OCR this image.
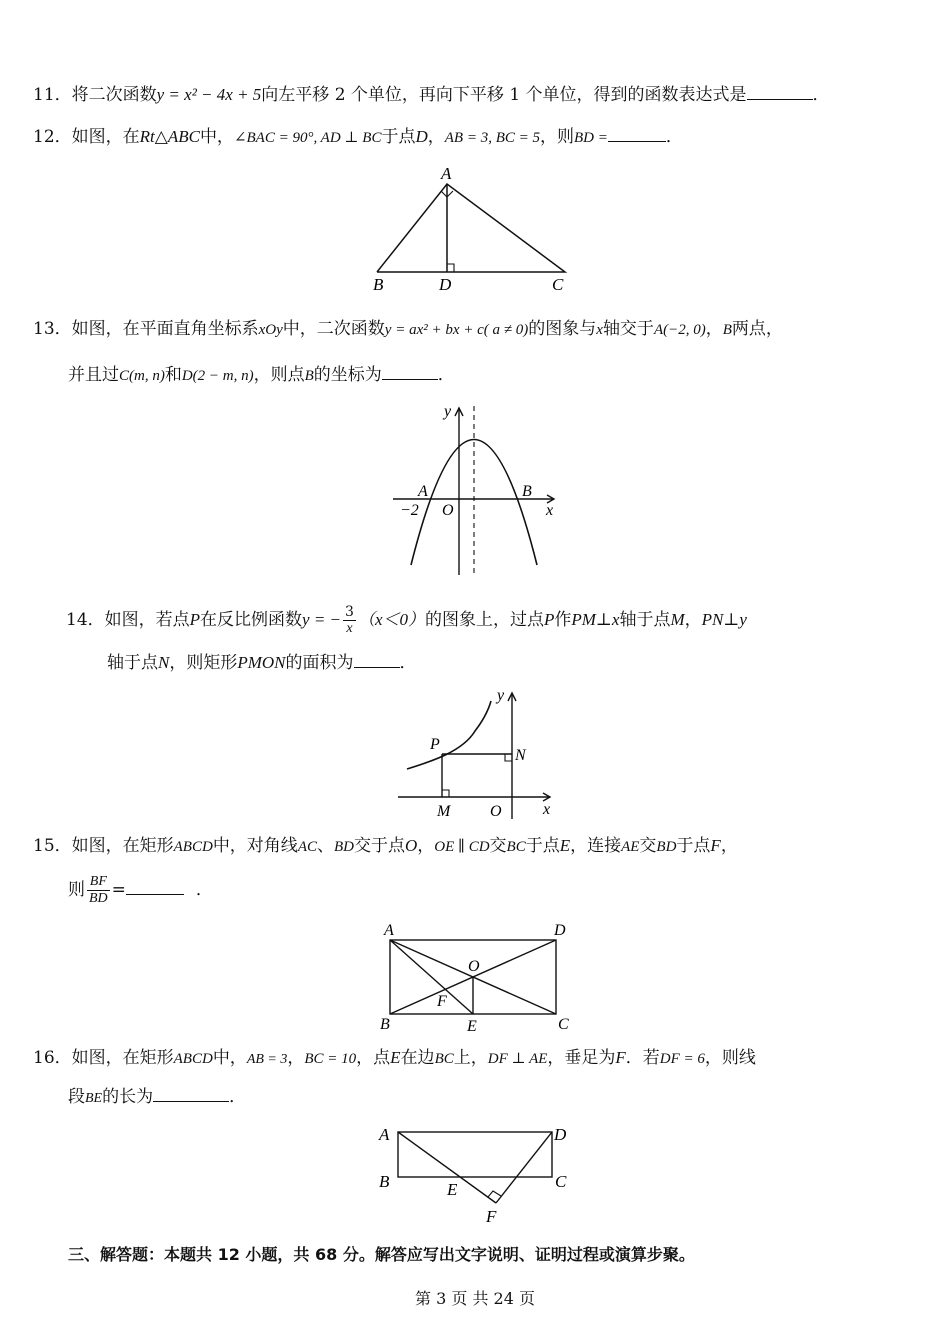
11．将二次函数y = x² − 4x + 5向左平移 2 个单位，再向下平移 1 个单位，得到的函数表达式是	．
12．如图，在Rt△ABC中，∠BAC = 90°, AD ⊥ BC于点D，AB = 3, BC = 5，则BD =	．
A
B	D	C
13．如图，在平面直角坐标系xOy中，二次函数y = ax² + bx + c( a ≠ 0)的图象与x轴交于A(−2, 0)，B两点，
并且过C(m, n)和D(2 − m, n)，则点B的坐标为	．
y
x
A	B
O
−2
14．如图，若点P在反比例函数y = − $\frac{3}{x} (x<0)$的图象上，过点P作PM⊥x轴于点M，PN⊥y
轴于点N，则矩形PMON的面积为	．
y
x
P
N
M O
15．如图，在矩形ABCD中，对角线AC、BD交于点O，OE ∥ CD交BC于点E，连接AE交BD于点F，
则 $\frac{BF}{BD}$ =	．
A	D
B	C
O
E
F
16．如图，在矩形ABCD中，AB = 3，BC = 10，点E在边BC上，DF ⊥ AE，垂足为F．若DF = 6，则线
段BE的长为	．
A	D
B	C
E
F
三、解答题：本题共 12 小题，共 68 分。解答应写出文字说明、证明过程或演算步聚。
第 3 页 共 24 页
